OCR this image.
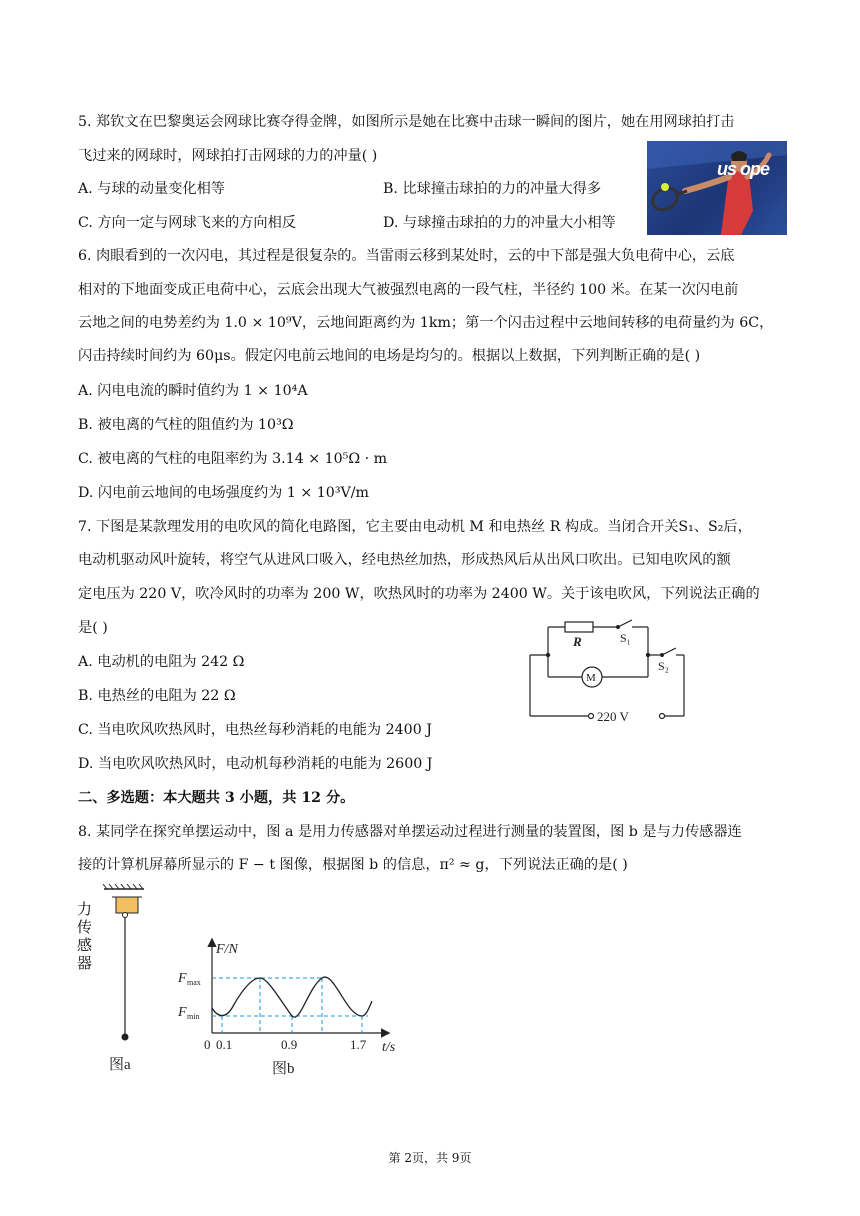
5. 郑钦文在巴黎奥运会网球比赛夺得金牌，如图所示是她在比赛中击球一瞬间的图片，她在用网球拍打击
飞过来的网球时，网球拍打击网球的力的冲量( )
A. 与球的动量变化相等	B. 比球撞击球拍的力的冲量大得多
C. 方向一定与网球飞来的方向相反	D. 与球撞击球拍的力的冲量大小相等
us ope
6. 肉眼看到的一次闪电，其过程是很复杂的。当雷雨云移到某处时，云的中下部是强大负电荷中心，云底
相对的下地面变成正电荷中心，云底会出现大气被强烈电离的一段气柱，半径约 100 米。在某一次闪电前
云地之间的电势差约为 1.0 × 10⁹V，云地间距离约为 1km；第一个闪击过程中云地间转移的电荷量约为 6C，
闪击持续时间约为 60μs。假定闪电前云地间的电场是均匀的。根据以上数据，下列判断正确的是( )
A. 闪电电流的瞬时值约为 1 × 10⁴A
B. 被电离的气柱的阻值约为 10³Ω
C. 被电离的气柱的电阻率约为 3.14 × 10⁵Ω · m
D. 闪电前云地间的电场强度约为 1 × 10³V/m
7. 下图是某款理发用的电吹风的简化电路图，它主要由电动机 M 和电热丝 R 构成。当闭合开关S₁、S₂后，
电动机驱动风叶旋转，将空气从进风口吸入，经电热丝加热，形成热风后从出风口吹出。已知电吹风的额
定电压为 220 V，吹冷风时的功率为 200 W，吹热风时的功率为 2400 W。关于该电吹风，下列说法正确的
是( )
A. 电动机的电阻为 242 Ω
B. 电热丝的电阻为 22 Ω
C. 当电吹风吹热风时，电热丝每秒消耗的电能为 2400 J
D. 当电吹风吹热风时，电动机每秒消耗的电能为 2600 J
R	S₁
S₂
M
220 V
二、多选题：本大题共 3 小题，共 12 分。
8. 某同学在探究单摆运动中，图 a 是用力传感器对单摆运动过程进行测量的装置图，图 b 是与力传感器连
接的计算机屏幕所显示的 F − t 图像，根据图 b 的信息，π² ≈ g，下列说法正确的是( )
图a
力传感器
F/N
F max
F min
t/s
0 0.1	0.9	1.7
图b
第 2页，共 9页
